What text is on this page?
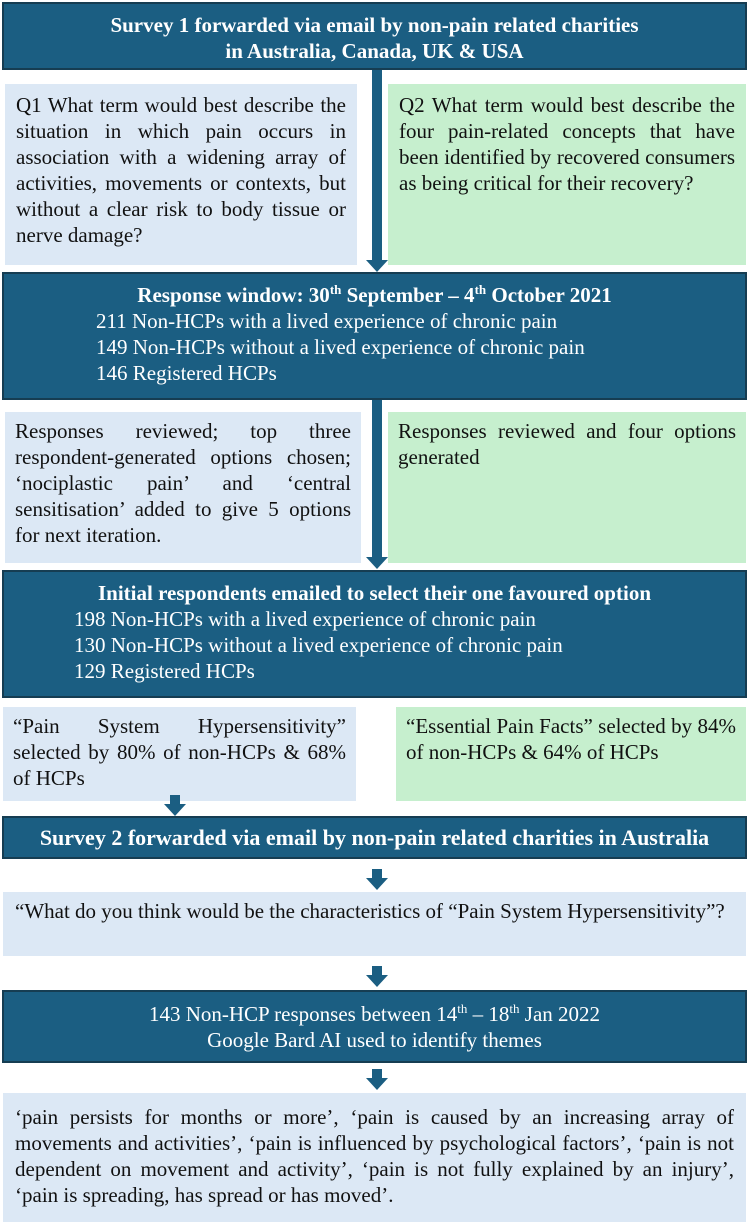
Survey 1 forwarded via email by non-pain related charities
in Australia, Canada, UK & USA
Q1 What term would best describe the situation in which pain occurs in association with a widening array of activities, movements or contexts, but without a clear risk to body tissue or nerve damage?
Q2 What term would best describe the four pain-related concepts that have been identified by recovered consumers as being critical for their recovery?
Response window: 30th September – 4th October 2021
211 Non-HCPs with a lived experience of chronic pain
149 Non-HCPs without a lived experience of chronic pain
146 Registered HCPs
Responses reviewed; top three respondent-generated options chosen; ‘nociplastic pain’ and ‘central sensitisation’ added to give 5 options for next iteration.
Responses reviewed and four options generated
Initial respondents emailed to select their one favoured option
198 Non-HCPs with a lived experience of chronic pain
130 Non-HCPs without a lived experience of chronic pain
129 Registered HCPs
“Pain System Hypersensitivity” selected by 80% of non-HCPs & 68% of HCPs
“Essential Pain Facts” selected by 84% of non-HCPs & 64% of HCPs
Survey 2 forwarded via email by non-pain related charities in Australia
“What do you think would be the characteristics of “Pain System Hypersensitivity”?
143 Non-HCP responses between 14th – 18th Jan 2022
Google Bard AI used to identify themes
‘pain persists for months or more’, ‘pain is caused by an increasing array of movements and activities’, ‘pain is influenced by psychological factors’, ‘pain is not dependent on movement and activity’, ‘pain is not fully explained by an injury’, ‘pain is spreading, has spread or has moved’.
